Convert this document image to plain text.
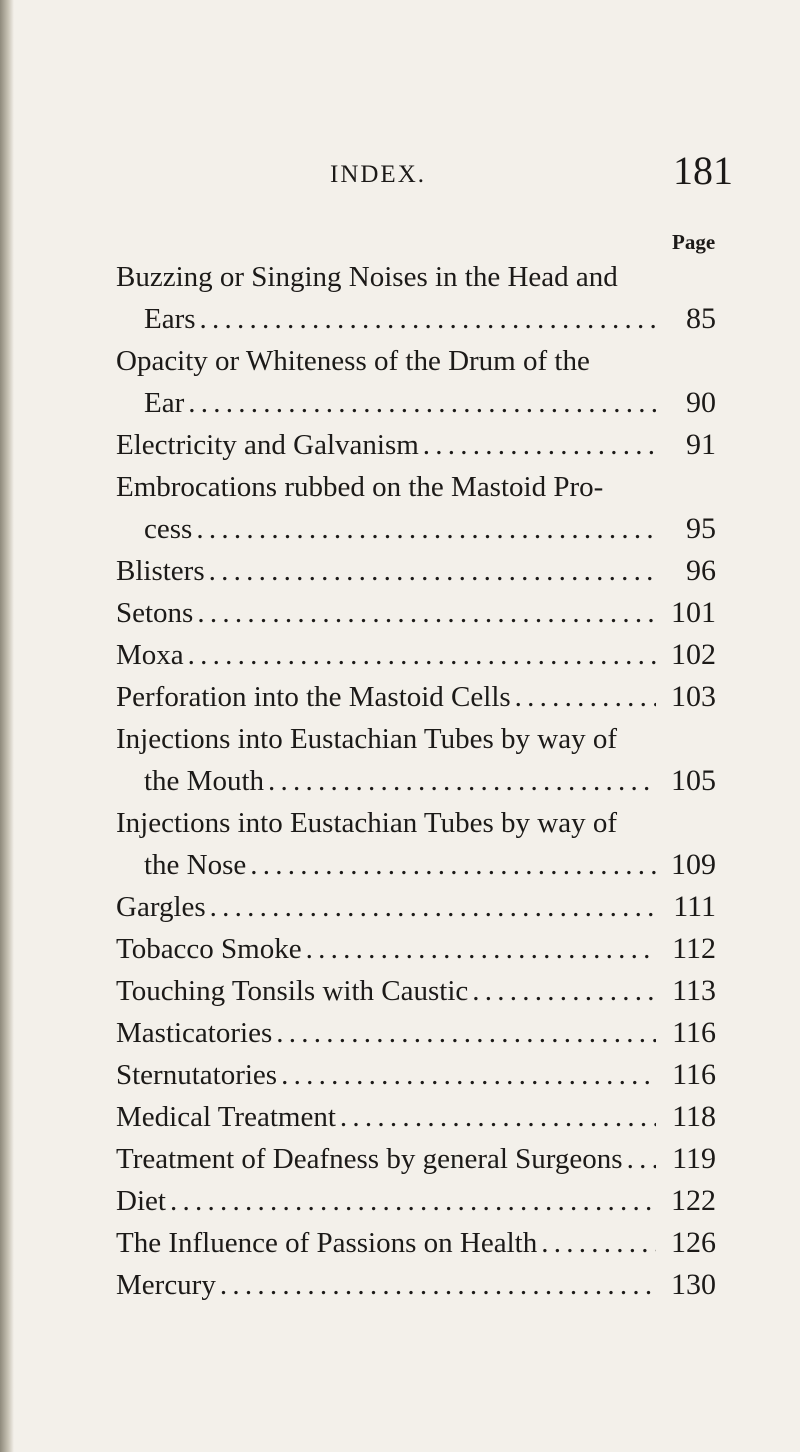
INDEX.	181
Page
Buzzing or Singing Noises in the Head and
Ears . . .	85
Opacity or Whiteness of the Drum of the
Ear . . .	90
Electricity and Galvanism . . .	91
Embrocations rubbed on the Mastoid Pro-
cess . . .	95
Blisters . . .	96
Setons . . .	101
Moxa . . .	102
Perforation into the Mastoid Cells . . .	103
Injections into Eustachian Tubes by way of
the Mouth . . .	105
Injections into Eustachian Tubes by way of
the Nose . . .	109
Gargles . . .	111
Tobacco Smoke . . .	112
Touching Tonsils with Caustic . . .	113
Masticatories . . .	116
Sternutatories . . .	116
Medical Treatment . . .	118
Treatment of Deafness by general Surgeons . . .	119
Diet . . .	122
The Influence of Passions on Health . . .	126
Mercury . . .	130
